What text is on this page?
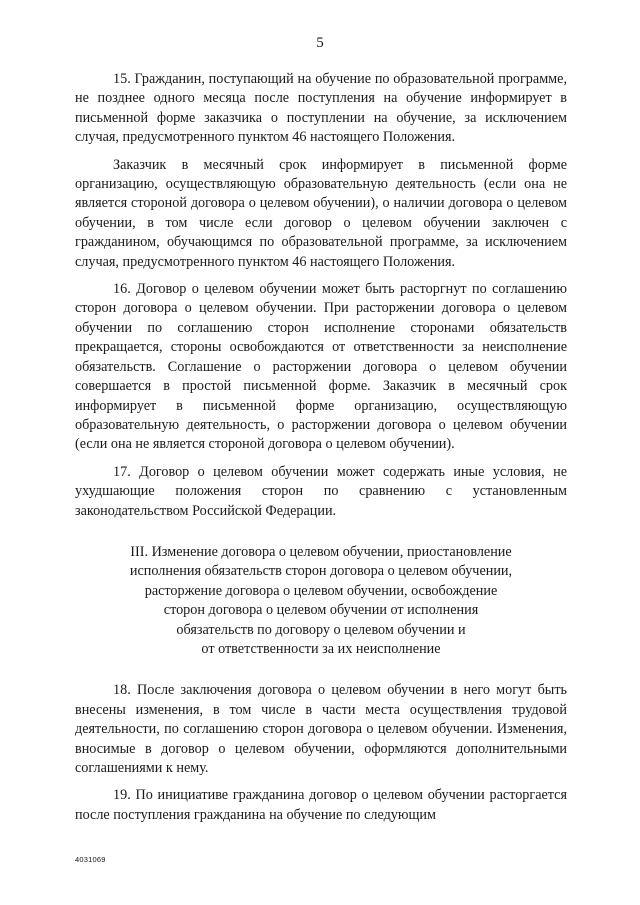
5

15. Гражданин, поступающий на обучение по образовательной программе, не позднее одного месяца после поступления на обучение информирует в письменной форме заказчика о поступлении на обучение, за исключением случая, предусмотренного пунктом 46 настоящего Положения.

Заказчик в месячный срок информирует в письменной форме организацию, осуществляющую образовательную деятельность (если она не является стороной договора о целевом обучении), о наличии договора о целевом обучении, в том числе если договор о целевом обучении заключен с гражданином, обучающимся по образовательной программе, за исключением случая, предусмотренного пунктом 46 настоящего Положения.

16. Договор о целевом обучении может быть расторгнут по соглашению сторон договора о целевом обучении. При расторжении договора о целевом обучении по соглашению сторон исполнение сторонами обязательств прекращается, стороны освобождаются от ответственности за неисполнение обязательств. Соглашение о расторжении договора о целевом обучении совершается в простой письменной форме. Заказчик в месячный срок информирует в письменной форме организацию, осуществляющую образовательную деятельность, о расторжении договора о целевом обучении (если она не является стороной договора о целевом обучении).

17. Договор о целевом обучении может содержать иные условия, не ухудшающие положения сторон по сравнению с установленным законодательством Российской Федерации.

III. Изменение договора о целевом обучении, приостановление
исполнения обязательств сторон договора о целевом обучении,
расторжение договора о целевом обучении, освобождение
сторон договора о целевом обучении от исполнения
обязательств по договору о целевом обучении и
от ответственности за их неисполнение

18. После заключения договора о целевом обучении в него могут быть внесены изменения, в том числе в части места осуществления трудовой деятельности, по соглашению сторон договора о целевом обучении. Изменения, вносимые в договор о целевом обучении, оформляются дополнительными соглашениями к нему.

19. По инициативе гражданина договор о целевом обучении расторгается после поступления гражданина на обучение по следующим

4031069
